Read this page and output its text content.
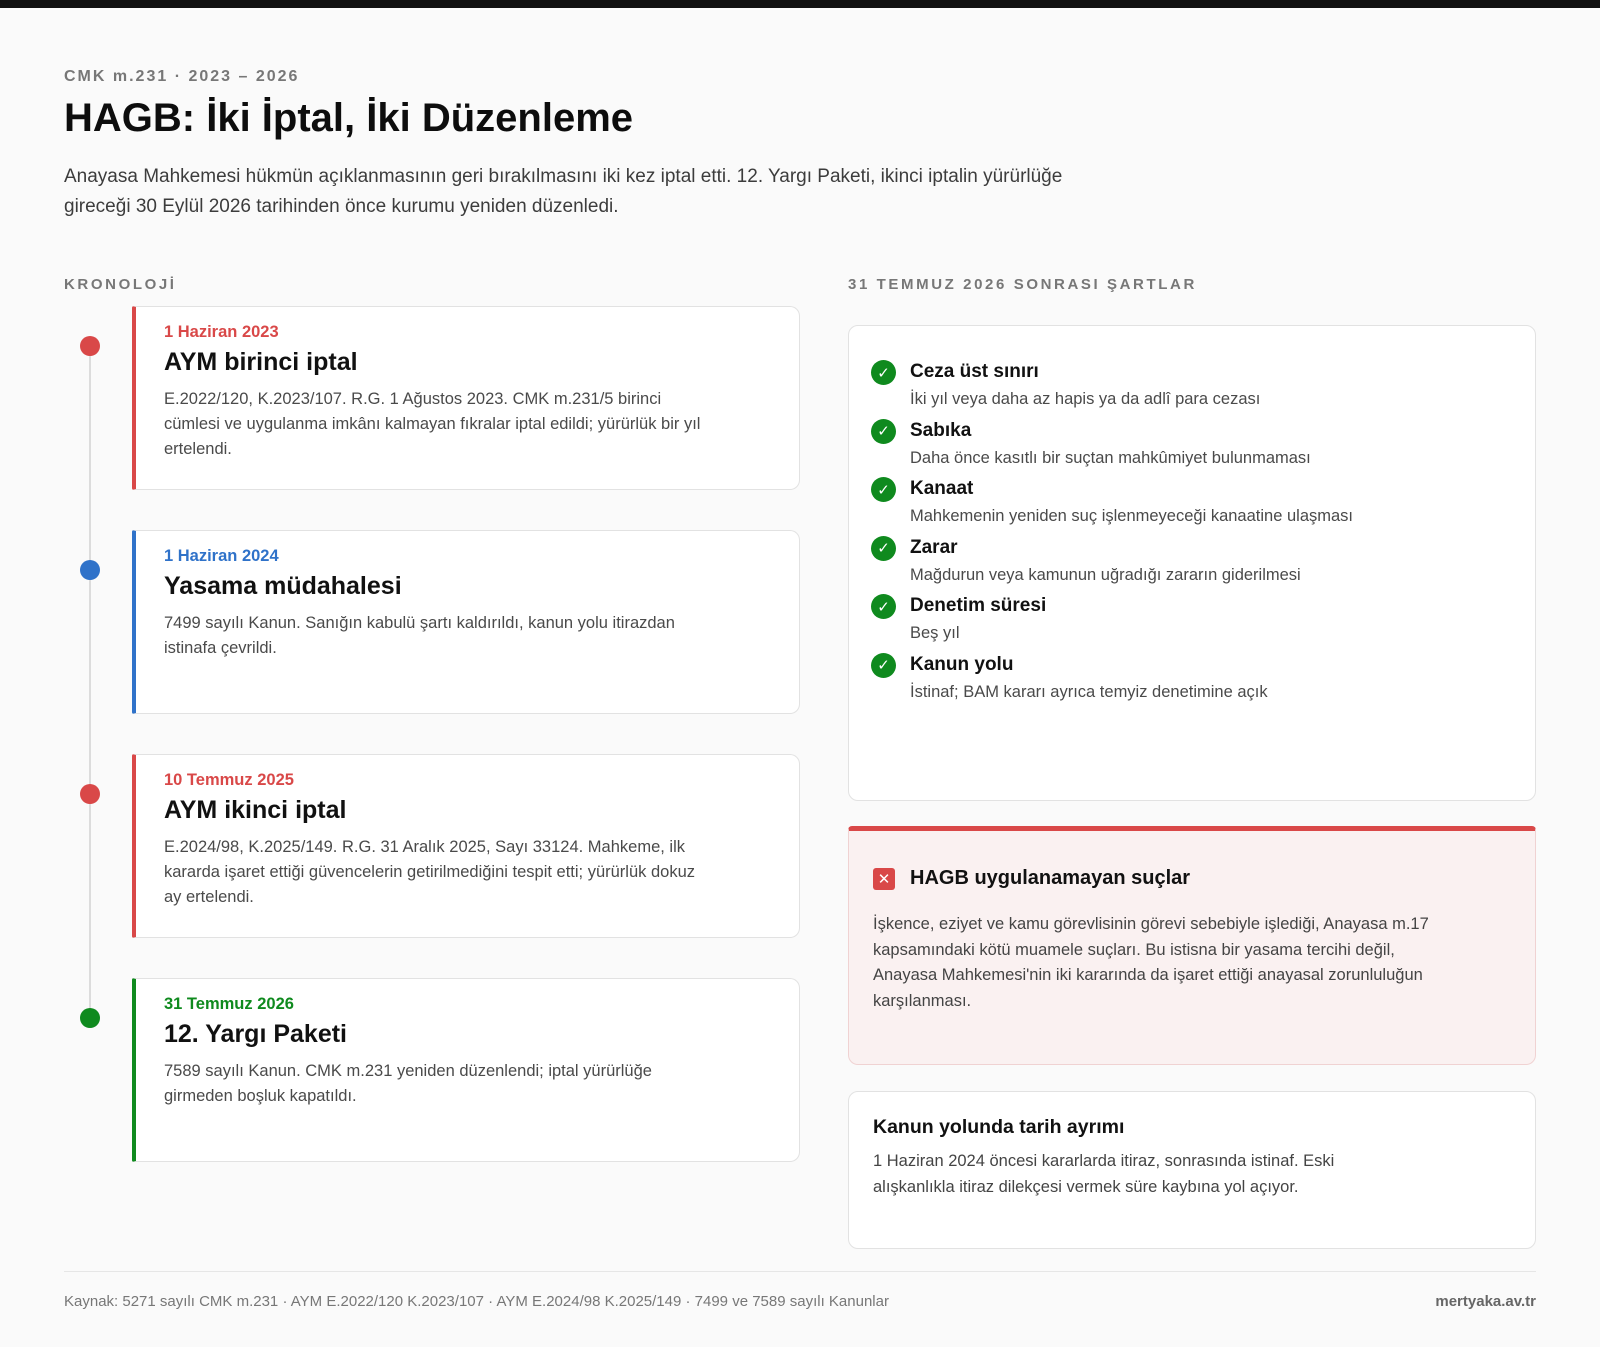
CMK m.231 · 2023 – 2026
HAGB: İki İptal, İki Düzenleme

Anayasa Mahkemesi hükmün açıklanmasının geri bırakılmasını iki kez iptal etti. 12. Yargı Paketi, ikinci iptalin yürürlüğe gireceği 30 Eylül 2026 tarihinden önce kurumu yeniden düzenledi.

KRONOLOJİ
1 Haziran 2023
AYM birinci iptal
E.2022/120, K.2023/107. R.G. 1 Ağustos 2023. CMK m.231/5 birinci cümlesi ve uygulanma imkânı kalmayan fıkralar iptal edildi; yürürlük bir yıl ertelendi.
1 Haziran 2024
Yasama müdahalesi
7499 sayılı Kanun. Sanığın kabulü şartı kaldırıldı, kanun yolu itirazdan istinafa çevrildi.
10 Temmuz 2025
AYM ikinci iptal
E.2024/98, K.2025/149. R.G. 31 Aralık 2025, Sayı 33124. Mahkeme, ilk kararda işaret ettiği güvencelerin getirilmediğini tespit etti; yürürlük dokuz ay ertelendi.
31 Temmuz 2026
12. Yargı Paketi
7589 sayılı Kanun. CMK m.231 yeniden düzenlendi; iptal yürürlüğe girmeden boşluk kapatıldı.
31 TEMMUZ 2026 SONRASI ŞARTLAR
✓	Ceza üst sınırı
İki yıl veya daha az hapis ya da adlî para cezası
✓	Sabıka
Daha önce kasıtlı bir suçtan mahkûmiyet bulunmaması
✓	Kanaat
Mahkemenin yeniden suç işlenmeyeceği kanaatine ulaşması
✓	Zarar
Mağdurun veya kamunun uğradığı zararın giderilmesi
✓	Denetim süresi
Beş yıl
✓	Kanun yolu
İstinaf; BAM kararı ayrıca temyiz denetimine açık
✕ HAGB uygulanamayan suçlar

İşkence, eziyet ve kamu görevlisinin görevi sebebiyle işlediği, Anayasa m.17 kapsamındaki kötü muamele suçları. Bu istisna bir yasama tercihi değil, Anayasa Mahkemesi'nin iki kararında da işaret ettiği anayasal zorunluluğun karşılanması.

Kanun yolunda tarih ayrımı

1 Haziran 2024 öncesi kararlarda itiraz, sonrasında istinaf. Eski alışkanlıkla itiraz dilekçesi vermek süre kaybına yol açıyor.

Kaynak: 5271 sayılı CMK m.231 · AYM E.2022/120 K.2023/107 · AYM E.2024/98 K.2025/149 · 7499 ve 7589 sayılı Kanunlar	mertyaka.av.tr
